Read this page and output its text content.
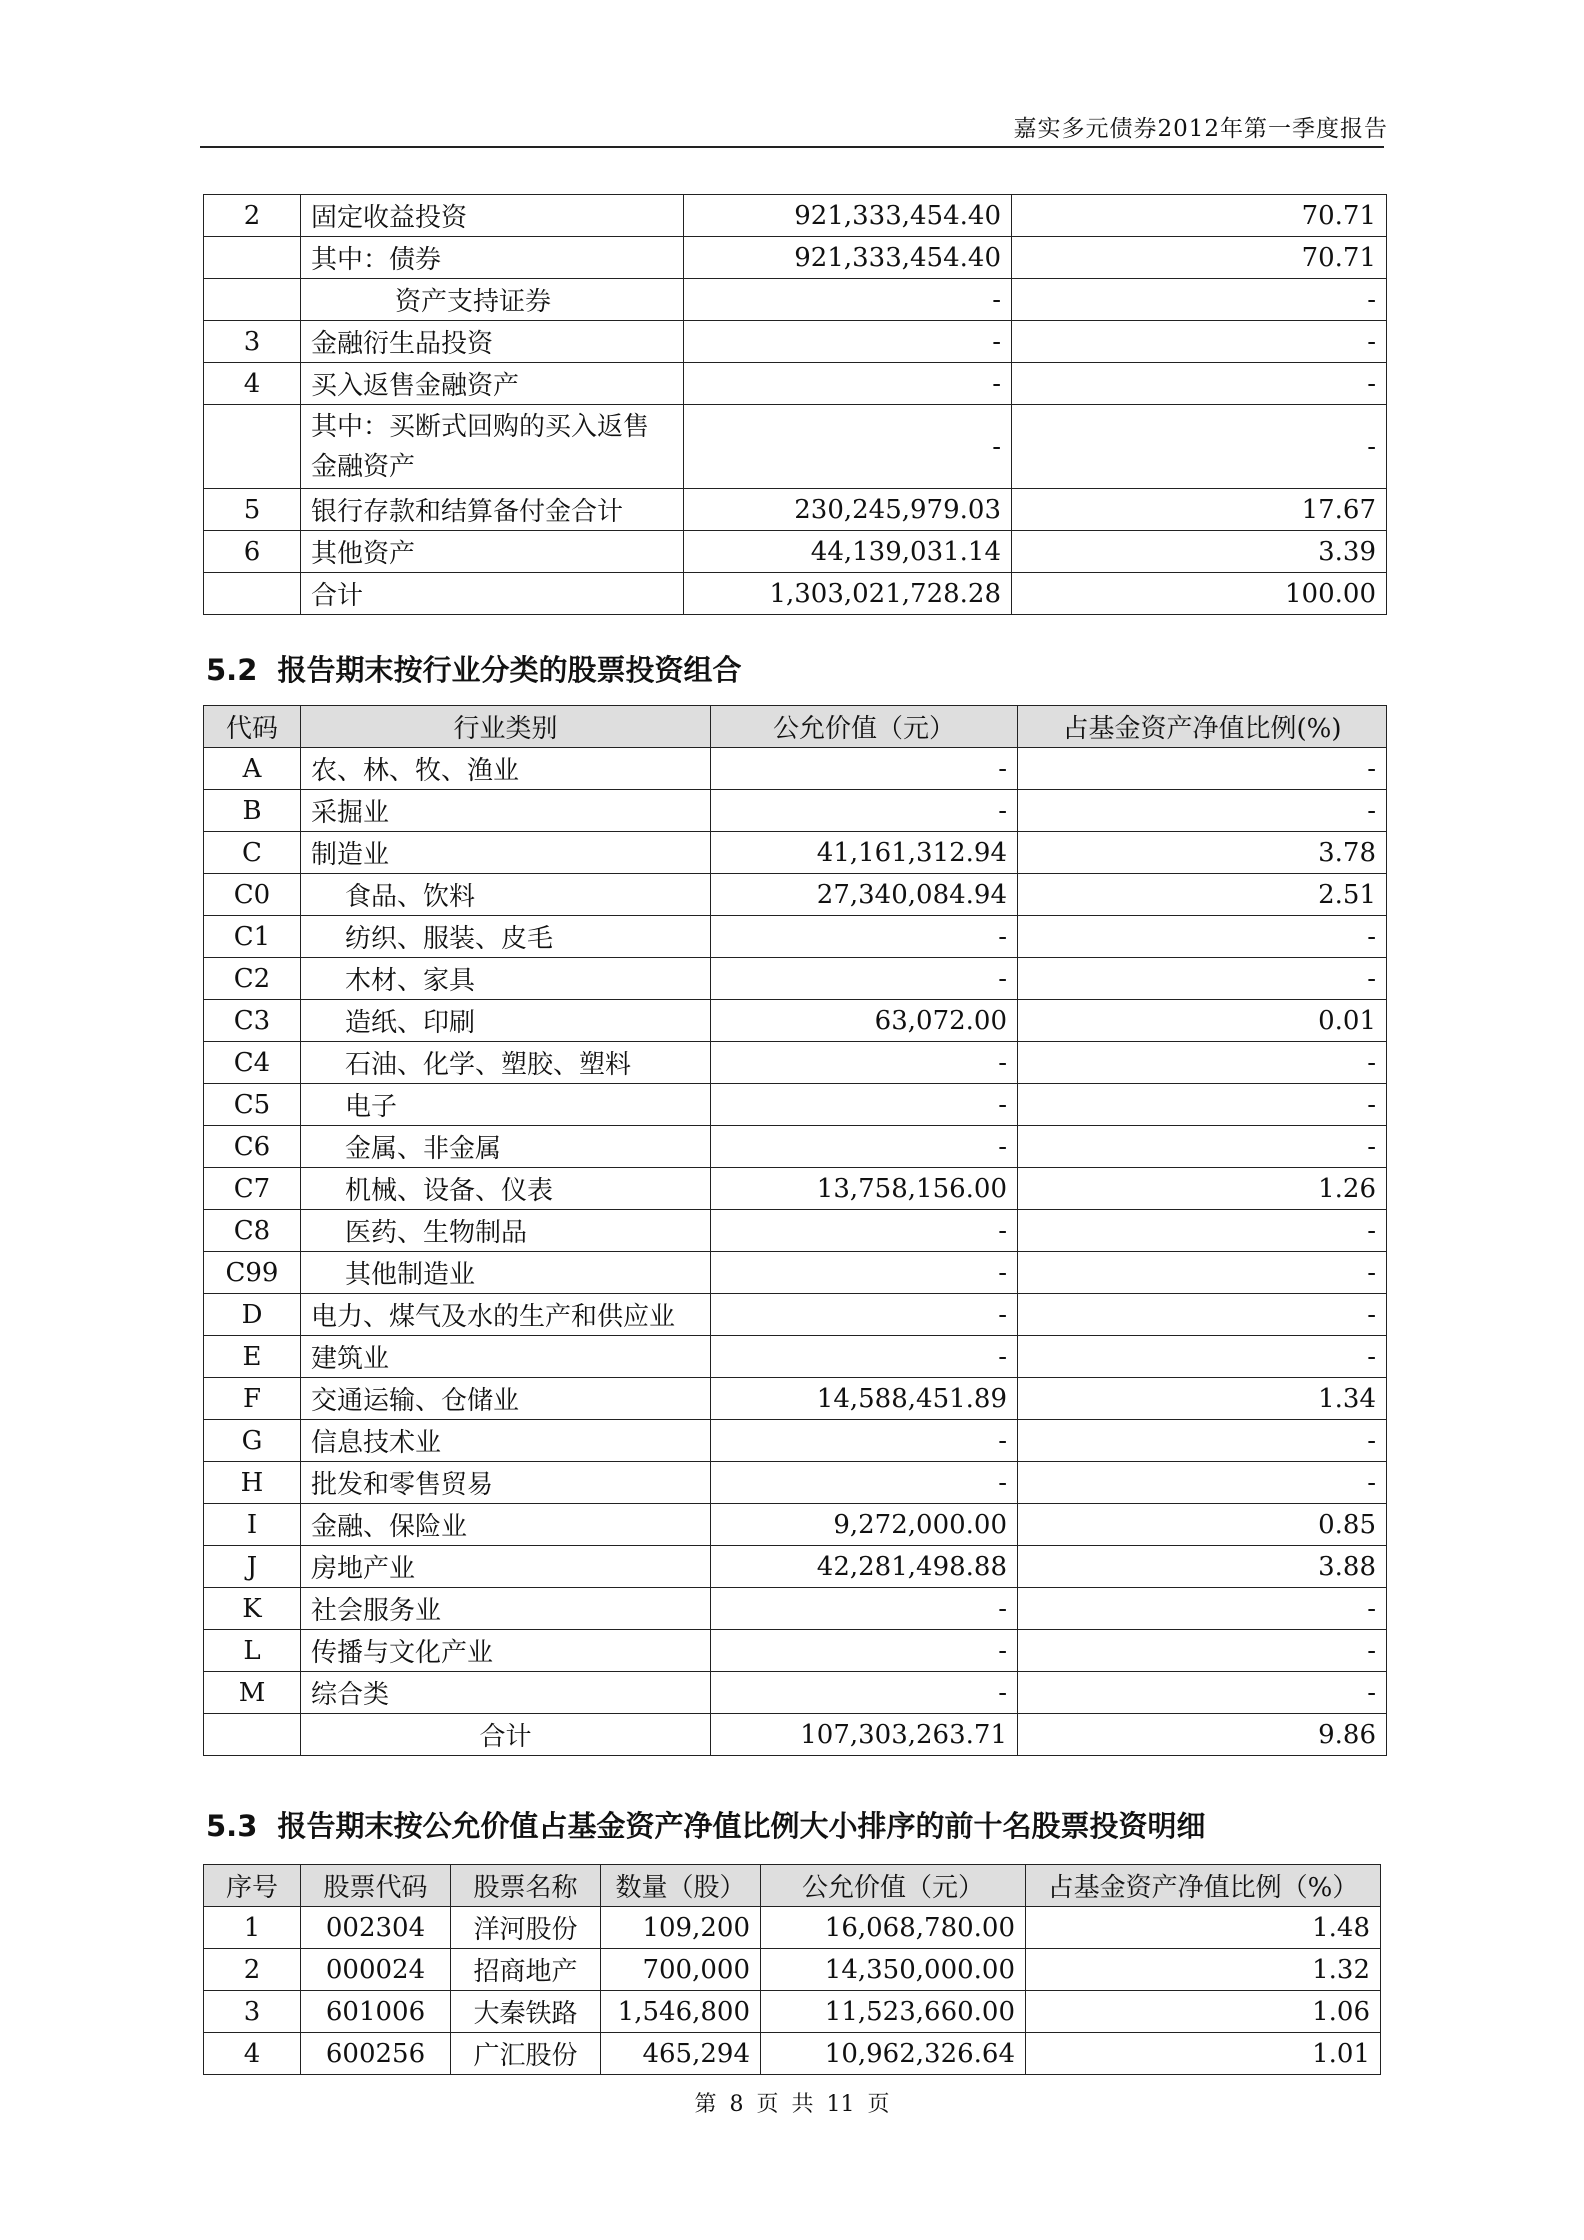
嘉实多元债券2012年第一季度报告
2	固定收益投资	921,333,454.40	70.71
	其中：债券	921,333,454.40	70.71
	资产支持证券	-	-
3	金融衍生品投资	-	-
4	买入返售金融资产	-	-
	其中：买断式回购的买入返售金融资产	-	-
5	银行存款和结算备付金合计	230,245,979.03	17.67
6	其他资产	44,139,031.14	3.39
	合计	1,303,021,728.28	100.00
5.2 报告期末按行业分类的股票投资组合
代码	行业类别	公允价值（元）	占基金资产净值比例(%)
A	农、林、牧、渔业	-	-
B	采掘业	-	-
C	制造业	41,161,312.94	3.78
C0	食品、饮料	27,340,084.94	2.51
C1	纺织、服装、皮毛	-	-
C2	木材、家具	-	-
C3	造纸、印刷	63,072.00	0.01
C4	石油、化学、塑胶、塑料	-	-
C5	电子	-	-
C6	金属、非金属	-	-
C7	机械、设备、仪表	13,758,156.00	1.26
C8	医药、生物制品	-	-
C99	其他制造业	-	-
D	电力、煤气及水的生产和供应业	-	-
E	建筑业	-	-
F	交通运输、仓储业	14,588,451.89	1.34
G	信息技术业	-	-
H	批发和零售贸易	-	-
I	金融、保险业	9,272,000.00	0.85
J	房地产业	42,281,498.88	3.88
K	社会服务业	-	-
L	传播与文化产业	-	-
M	综合类	-	-
	合计	107,303,263.71	9.86
5.3 报告期末按公允价值占基金资产净值比例大小排序的前十名股票投资明细
序号	股票代码	股票名称	数量（股）	公允价值（元）	占基金资产净值比例（%）
1	002304	洋河股份	109,200	16,068,780.00	1.48
2	000024	招商地产	700,000	14,350,000.00	1.32
3	601006	大秦铁路	1,546,800	11,523,660.00	1.06
4	600256	广汇股份	465,294	10,962,326.64	1.01
第 8 页 共 11 页
